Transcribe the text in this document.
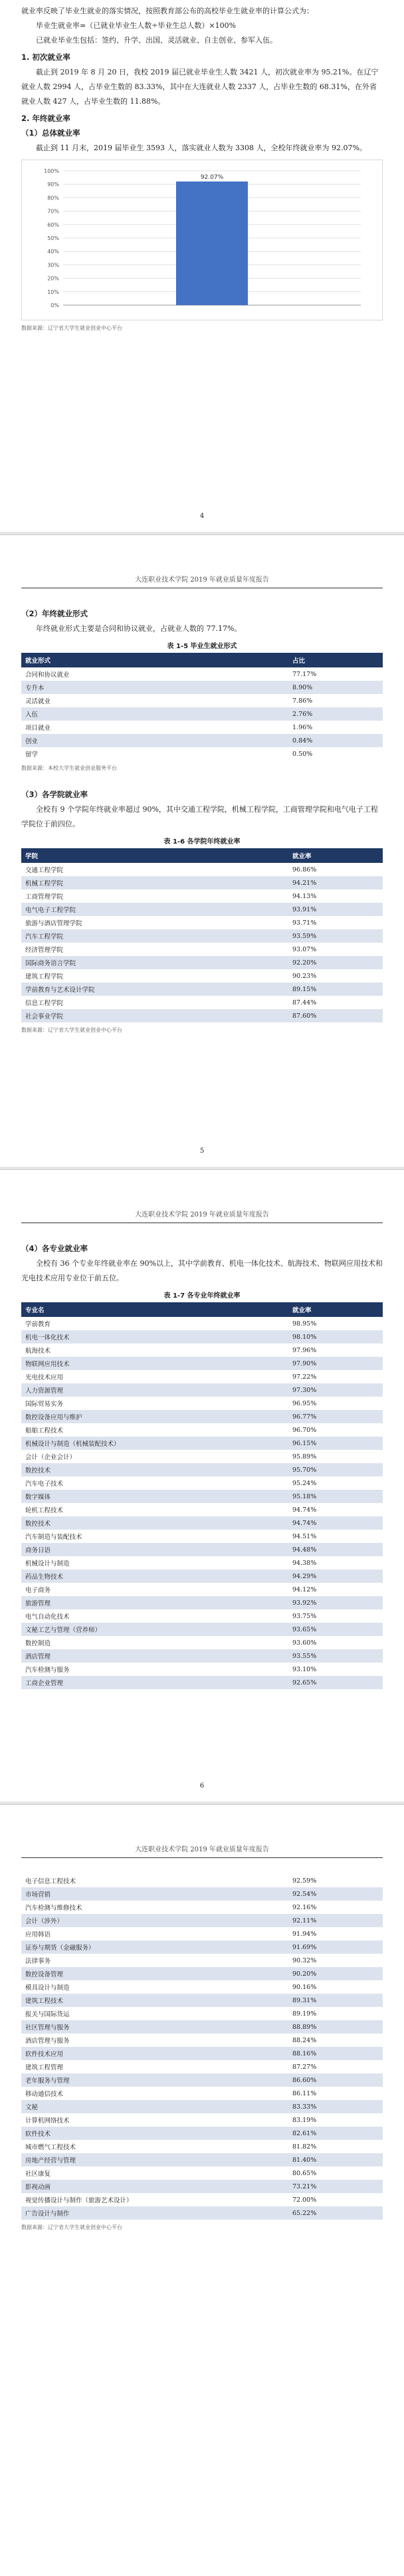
就业率反映了毕业生就业的落实情况，按照教育部公布的高校毕业生就业率的计算公式为：

毕业生就业率=（已就业毕业生人数÷毕业生总人数）×100%

已就业毕业生包括：签约、升学、出国、灵活就业、自主创业、参军入伍。

1. 初次就业率

截止到 2019 年 8 月 20 日，我校 2019 届已就业毕业生人数 3421 人，初次就业率为 95.21%。在辽宁就业人数 2994 人，占毕业生数的 83.33%，其中在大连就业人数 2337 人，占毕业生数的 68.31%，在外省就业人数 427 人，占毕业生数的 11.88%。

2. 年终就业率
（1）总体就业率

截止到 11 月末，2019 届毕业生 3593 人，落实就业人数为 3308 人，全校年终就业率为 92.07%。

0%
10%
20%
30%
40%
50%
60%
70%
80%
90%
100%
92.07%
数据来源：辽宁省大学生就业创业中心平台
4
大连职业技术学院 2019 年就业质量年度报告
（2）年终就业形式

年终就业形式主要是合同和协议就业，占就业人数的 77.17%。

表 1-5 毕业生就业形式
就业形式	占比
合同和协议就业	77.17%
专升本	8.90%
灵活就业	7.86%
入伍	2.76%
项目就业	1.96%
创业	0.84%
留学	0.50%
数据来源：本校大学生就业创业服务平台
（3）各学院就业率

全校有 9 个学院年终就业率超过 90%，其中交通工程学院，机械工程学院，工商管理学院和电气电子工程学院位于前四位。

表 1-6 各学院年终就业率
学院	就业率
交通工程学院	96.86%
机械工程学院	94.21%
工商管理学院	94.13%
电气电子工程学院	93.91%
旅游与酒店管理学院	93.71%
汽车工程学院	93.59%
经济管理学院	93.07%
国际商务语言学院	92.20%
建筑工程学院	90.23%
学前教育与艺术设计学院	89.15%
信息工程学院	87.44%
社会事业学院	87.60%
数据来源：辽宁省大学生就业创业中心平台
5
大连职业技术学院 2019 年就业质量年度报告
（4）各专业就业率

全校有 36 个专业年终就业率在 90%以上，其中学前教育、机电一体化技术、航海技术、物联网应用技术和光电技术应用专业位于前五位。

表 1-7 各专业年终就业率
专业名	就业率
学前教育	98.95%
机电一体化技术	98.10%
航海技术	97.96%
物联网应用技术	97.90%
光电技术应用	97.22%
人力资源管理	97.30%
国际贸易实务	96.95%
数控设备应用与维护	96.77%
船舶工程技术	96.70%
机械设计与制造（机械装配技术）	96.15%
会计（企业会计）	95.89%
数控技术	95.70%
汽车电子技术	95.24%
数字媒体	95.18%
轮机工程技术	94.74%
数控技术	94.74%
汽车制造与装配技术	94.51%
商务日语	94.48%
机械设计与制造	94.38%
药品生物技术	94.29%
电子商务	94.12%
旅游管理	93.92%
电气自动化技术	93.75%
文秘工艺与管理（营养师）	93.65%
数控制造	93.60%
酒店管理	93.55%
汽车检测与服务	93.10%
工商企业管理	92.65%
6
大连职业技术学院 2019 年就业质量年度报告
电子信息工程技术	92.59%
市场营销	92.54%
汽车检测与维修技术	92.16%
会计（涉外）	92.11%
应用韩语	91.94%
证券与期货（金融服务）	91.69%
法律事务	90.32%
数控设备管理	90.20%
模具设计与制造	90.16%
建筑工程技术	89.31%
报关与国际货运	89.19%
社区管理与服务	88.89%
酒店管理与服务	88.24%
软件技术应用	88.16%
建筑工程管理	87.27%
老年服务与管理	86.60%
移动通信技术	86.11%
文秘	83.33%
计算机网络技术	83.19%
软件技术	82.61%
城市燃气工程技术	81.82%
房地产经营与管理	81.40%
社区康复	80.65%
影视动画	73.21%
视觉传播设计与制作（旅游艺术设计）	72.00%
广告设计与制作	65.22%
数据来源：辽宁省大学生就业创业中心平台
